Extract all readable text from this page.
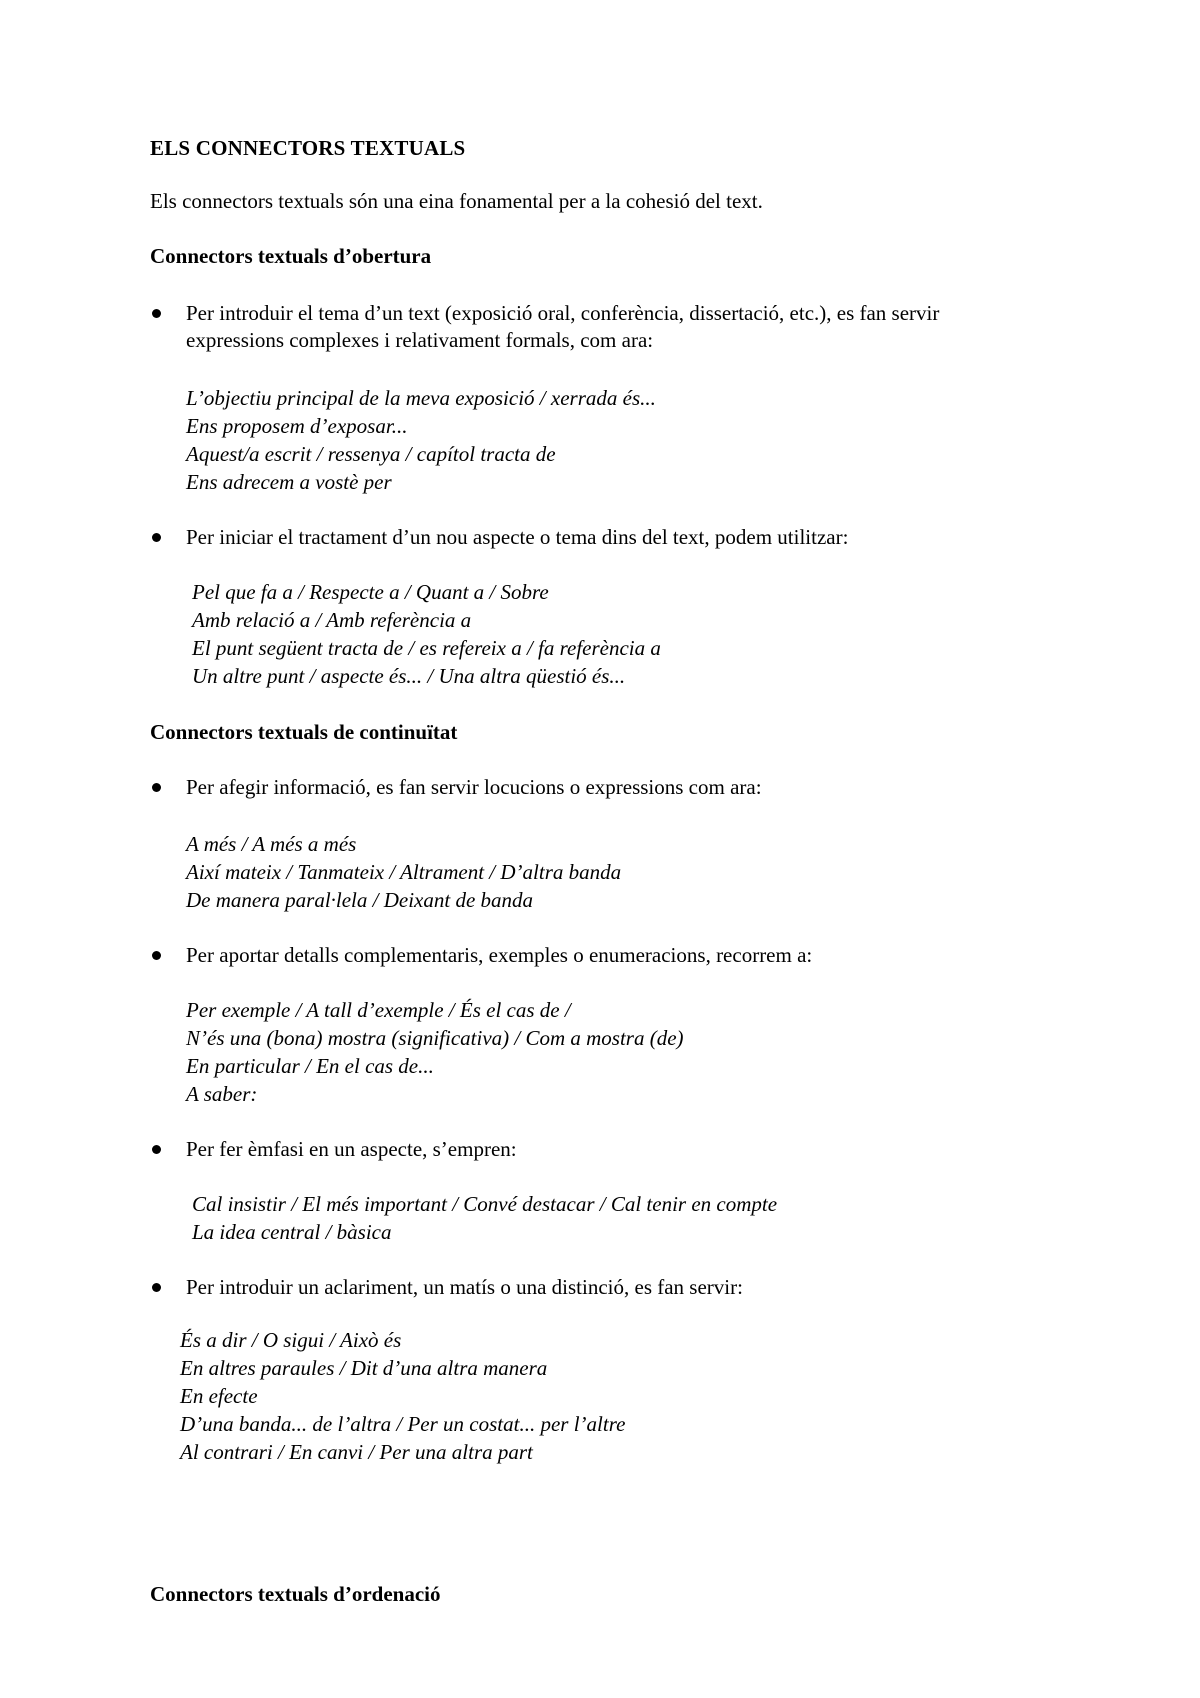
ELS CONNECTORS TEXTUALS
Els connectors textuals són una eina fonamental per a la cohesió del text.
Connectors textuals d’obertura
Per introduir el tema d’un text (exposició oral, conferència, dissertació, etc.), es fan servir expressions complexes i relativament formals, com ara:
L’objectiu principal de la meva exposició / xerrada és...
Ens proposem d’exposar...
Aquest/a escrit / ressenya / capítol tracta de
Ens adrecem a vostè per
Per iniciar el tractament d’un nou aspecte o tema dins del text, podem utilitzar:
Pel que fa a / Respecte a / Quant a / Sobre
Amb relació a / Amb referència a
El punt següent tracta de / es refereix a / fa referència a
Un altre punt / aspecte és... / Una altra qüestió és...
Connectors textuals de continuïtat
Per afegir informació, es fan servir locucions o expressions com ara:
A més / A més a més
Així mateix / Tanmateix / Altrament / D’altra banda
De manera paral·lela / Deixant de banda
Per aportar detalls complementaris, exemples o enumeracions, recorrem a:
Per exemple / A tall d’exemple / És el cas de /
N’és una (bona) mostra (significativa) / Com a mostra (de)
En particular / En el cas de...
A saber:
Per fer èmfasi en un aspecte, s’empren:
Cal insistir / El més important / Convé destacar / Cal tenir en compte
La idea central / bàsica
Per introduir un aclariment, un matís o una distinció, es fan servir:
És a dir / O sigui / Això és
En altres paraules / Dit d’una altra manera
En efecte
D’una banda... de l’altra / Per un costat... per l’altre
Al contrari / En canvi / Per una altra part
Connectors textuals d’ordenació
